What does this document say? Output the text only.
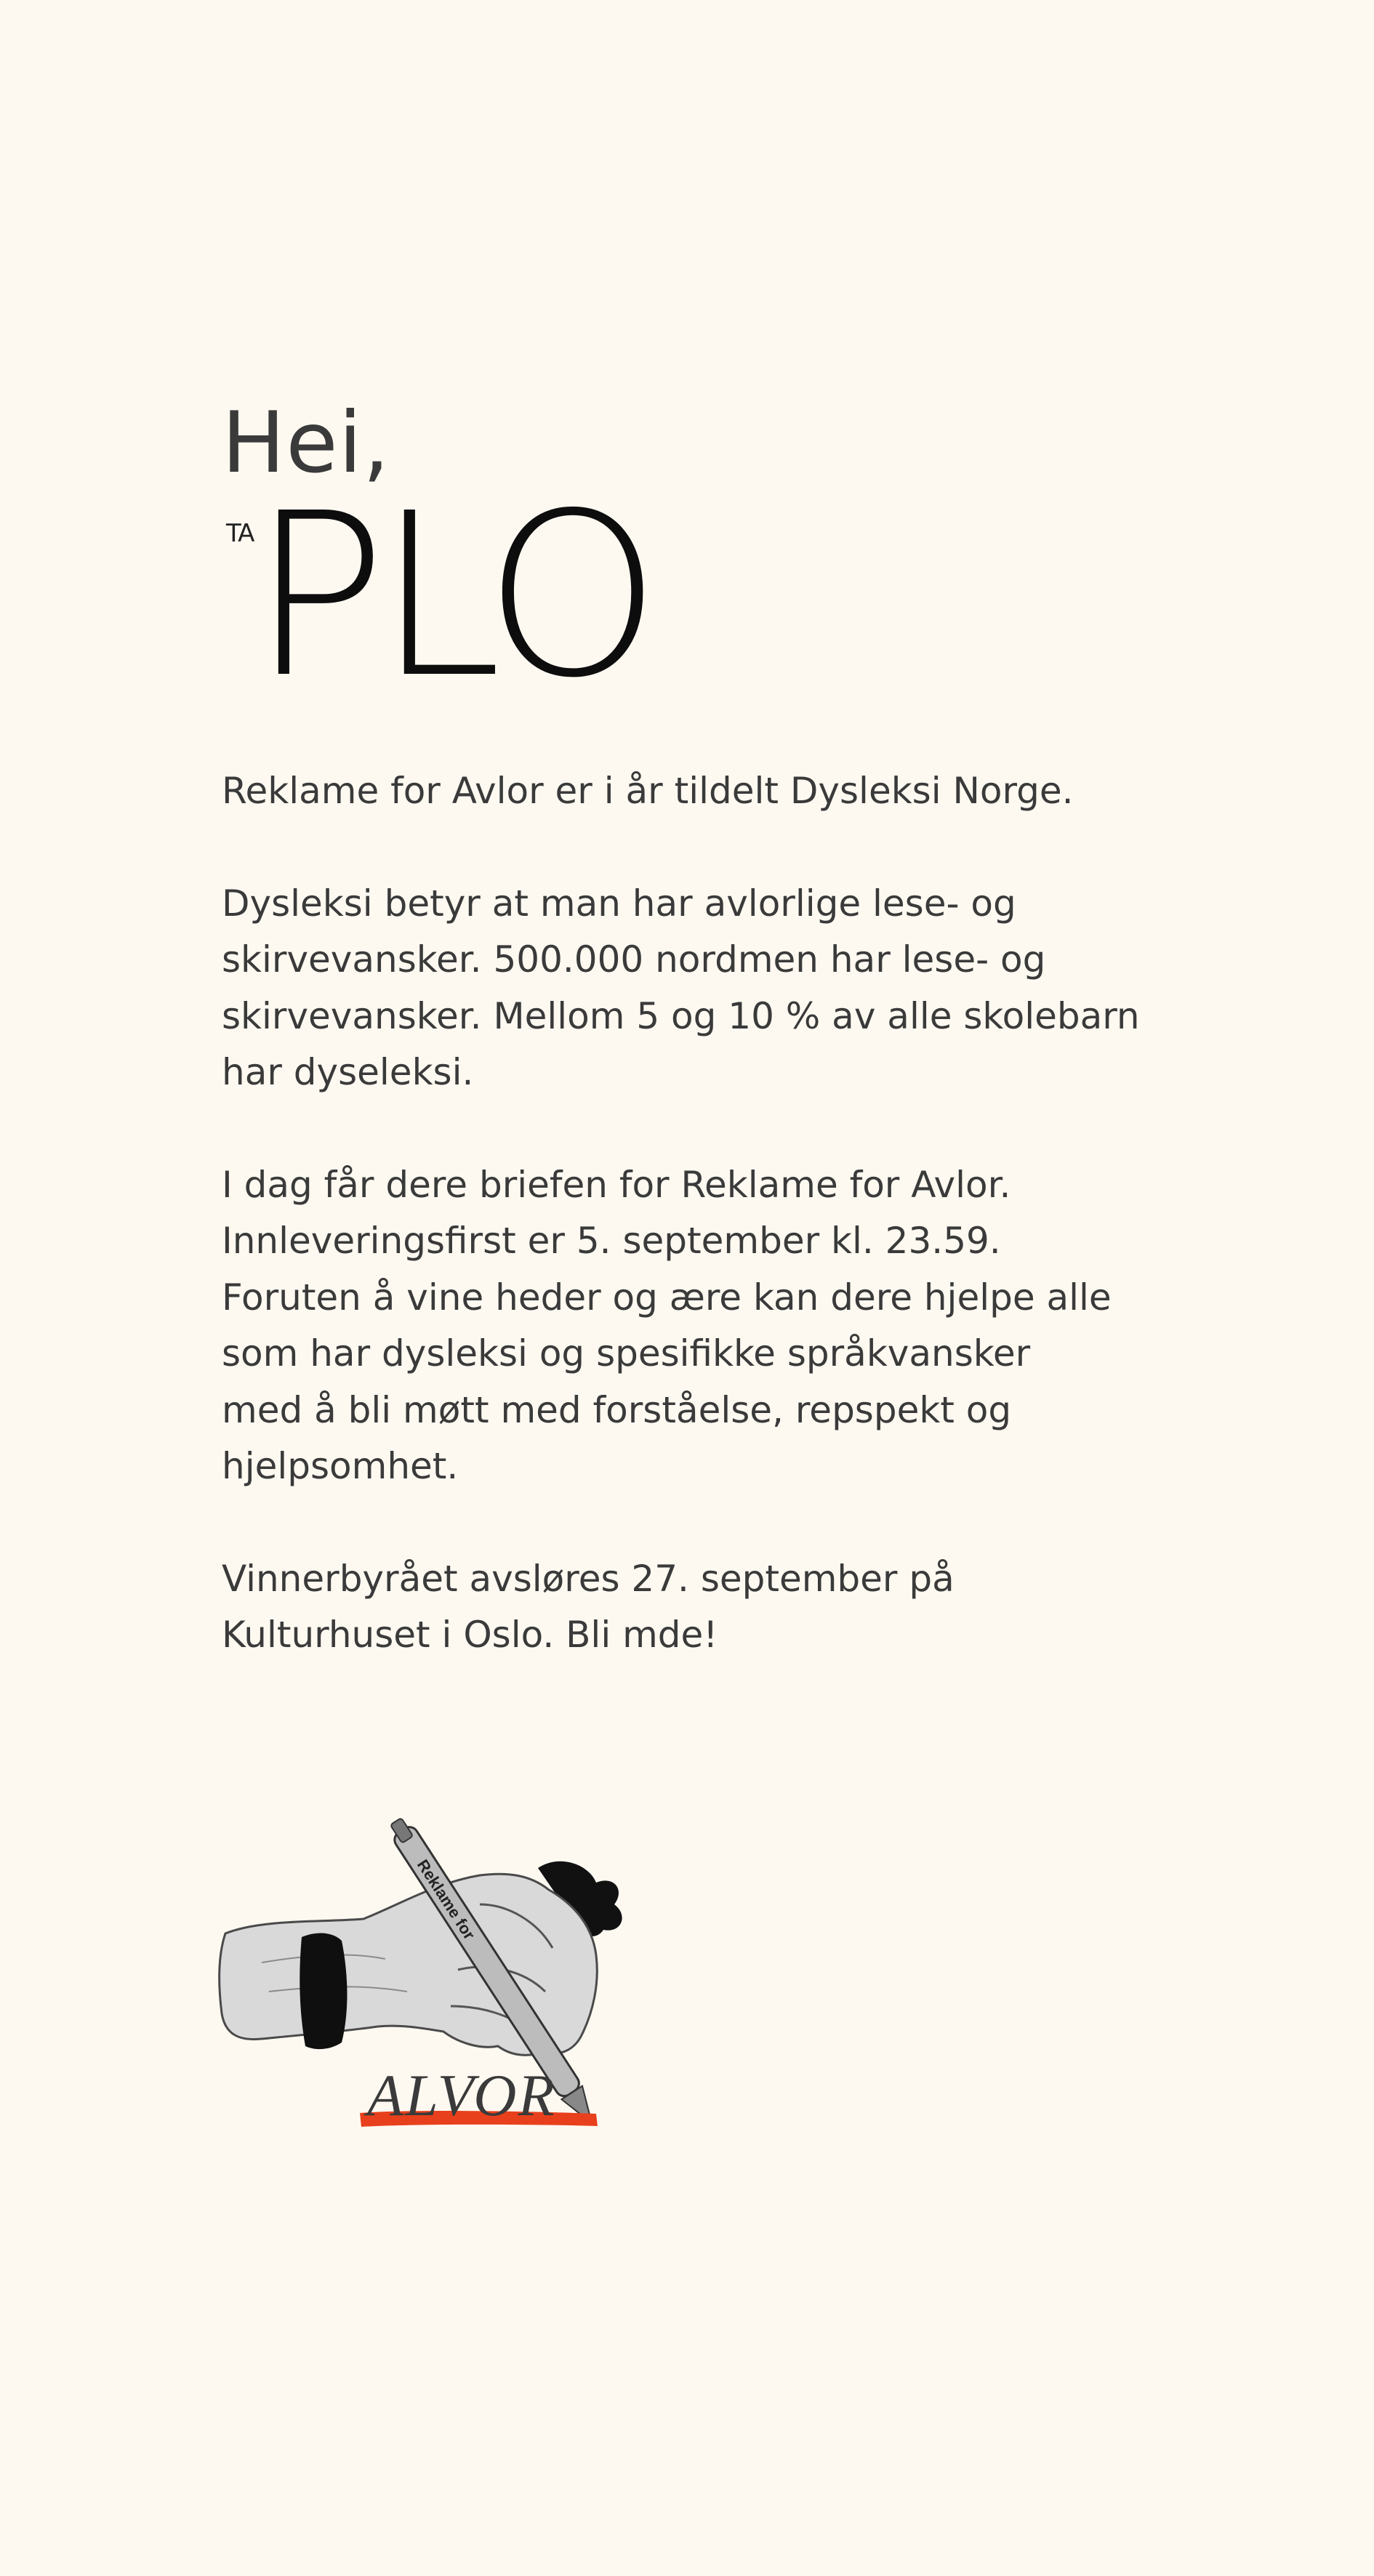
Hei,
TA
PLO

Reklame for Avlor er i år tildelt Dysleksi Norge.

Dysleksi betyr at man har avlorlige lese- og
skirvevansker. 500.000 nordmen har lese- og
skirvevansker. Mellom 5 og 10 % av alle skolebarn
har dyseleksi.
I dag får dere briefen for Reklame for Avlor.
Innleveringsfirst er 5. september kl. 23.59.
Foruten å vine heder og ære kan dere hjelpe alle
som har dysleksi og spesifikke språkvansker
med å bli møtt med forståelse, repspekt og
hjelpsomhet.
Vinnerbyrået avsløres 27. september på
Kulturhuset i Oslo. Bli mde!
Reklame for
ALVOR
